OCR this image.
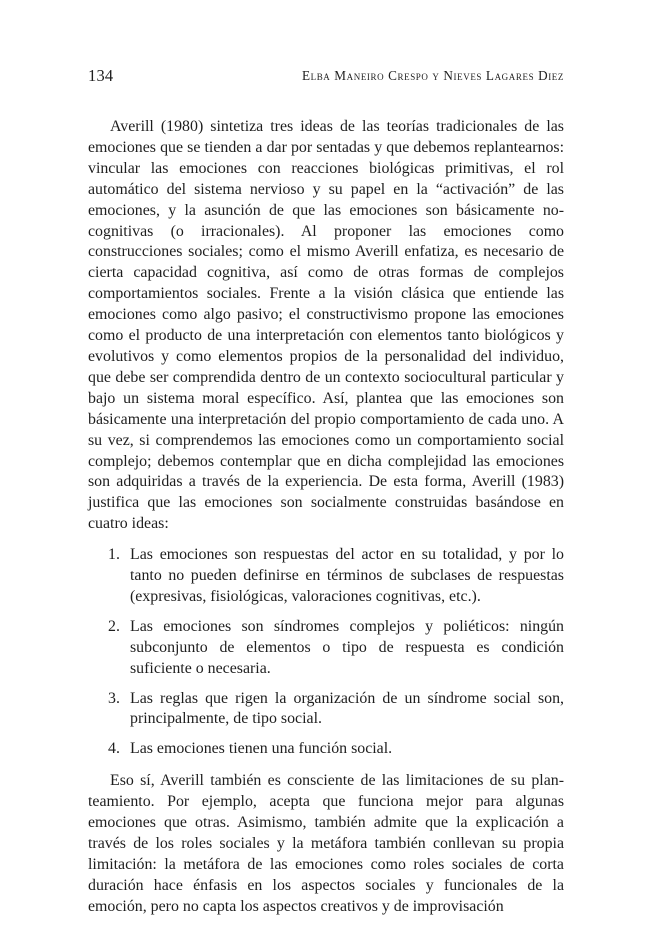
134	Elba Maneiro Crespo y Nieves Lagares Diez

Averill (1980) sintetiza tres ideas de las teorías tradicionales de las emociones que se tienden a dar por sentadas y que debemos replantearnos: vincular las emociones con reacciones biológicas primitivas, el rol automático del sistema nervioso y su papel en la “activación” de las emociones, y la asunción de que las emociones son básicamente no-cognitivas (o irracionales). Al proponer las emociones como construcciones sociales; como el mismo Averill enfatiza, es necesario de cierta capacidad cognitiva, así como de otras formas de complejos comportamientos sociales. Frente a la visión clásica que entiende las emociones como algo pasivo; el constructivismo propone las emociones como el producto de una interpretación con elementos tanto biológicos y evolutivos y como elementos propios de la personalidad del individuo, que debe ser comprendida dentro de un contexto sociocultural particular y bajo un sistema moral específico. Así, plantea que las emociones son básicamente una interpretación del propio comportamiento de cada uno. A su vez, si comprendemos las emociones como un comportamiento social complejo; debemos contemplar que en dicha complejidad las emociones son adquiridas a través de la experiencia. De esta forma, Averill (1983) justifica que las emociones son socialmente construidas basándose en cuatro ideas:

1. Las emociones son respuestas del actor en su totalidad, y por lo tanto no pueden definirse en términos de subclases de respuestas (expresivas, fisiológicas, valoraciones cognitivas, etc.).
2. Las emociones son síndromes complejos y poliéticos: ningún subconjunto de elementos o tipo de respuesta es condición suficiente o necesaria.
3. Las reglas que rigen la organización de un síndrome social son, principalmente, de tipo social.
4. Las emociones tienen una función social.

Eso sí, Averill también es consciente de las limitaciones de su planteamiento. Por ejemplo, acepta que funciona mejor para algunas emociones que otras. Asimismo, también admite que la explicación a través de los roles sociales y la metáfora también conllevan su propia limitación: la metáfora de las emociones como roles sociales de corta duración hace énfasis en los aspectos sociales y funcionales de la emoción, pero no capta los aspectos creativos y de improvisación
